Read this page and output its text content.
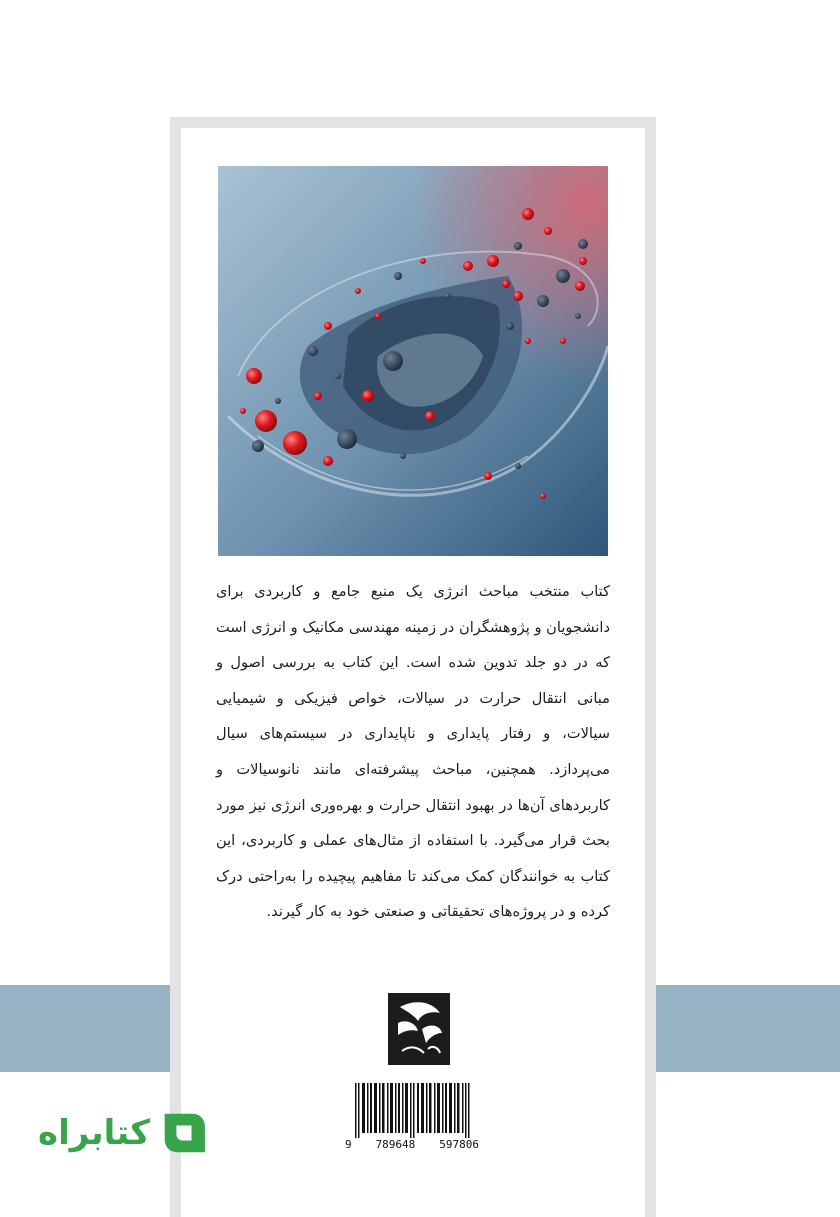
کتاب منتخب مباحث انرژی یک منبع جامع و کاربردی برای دانشجویان و پژوهشگران در زمینه مهندسی مکانیک و انرژی است که در دو جلد تدوین شده است. این کتاب به بررسی اصول و مبانی انتقال حرارت در سیالات، خواص فیزیکی و شیمیایی سیالات، و رفتار پایداری و ناپایداری در سیستم‌های سیال می‌پردازد. همچنین، مباحث پیشرفته‌ای مانند نانوسیالات و کاربردهای آن‌ها در بهبود انتقال حرارت و بهره‌وری انرژی نیز مورد بحث قرار می‌گیرد. با استفاده از مثال‌های عملی و کاربردی، این کتاب به خوانندگان کمک می‌کند تا مفاهیم پیچیده را به‌راحتی درک کرده و در پروژه‌های تحقیقاتی و صنعتی خود به کار گیرند.

9 789648 597806
کتابراه
